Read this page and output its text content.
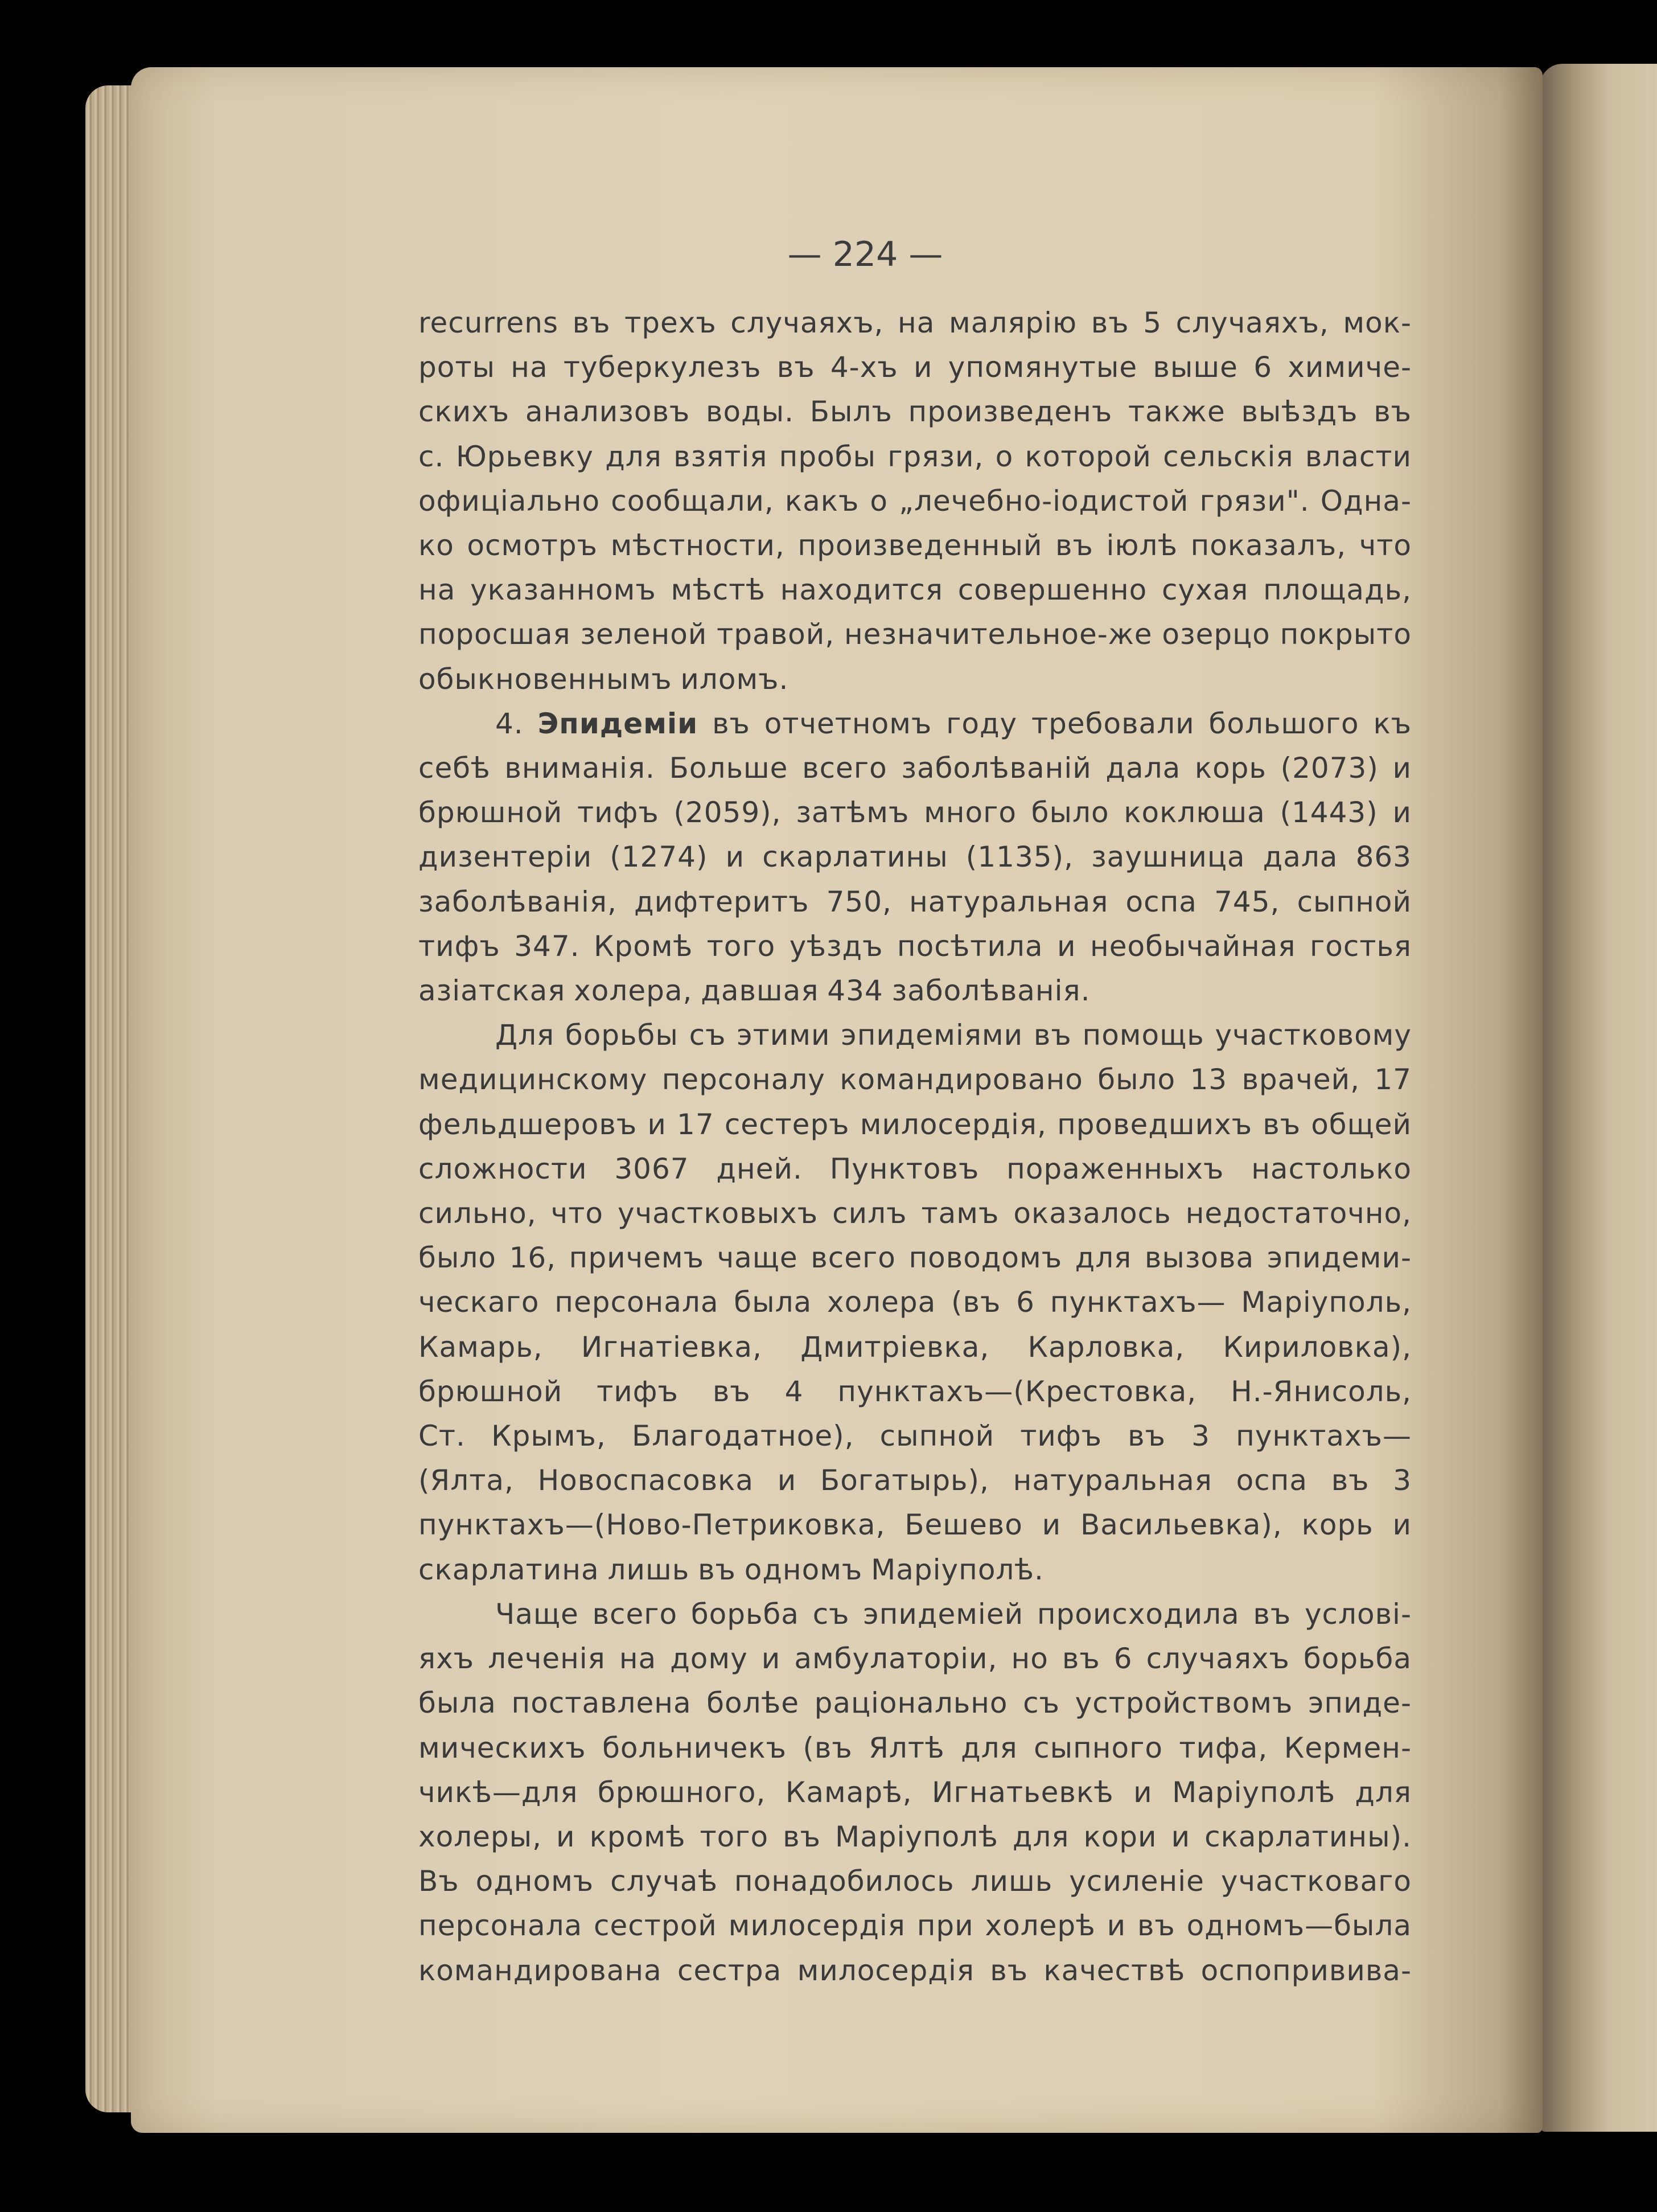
— 224 —
recurrens въ трехъ случаяхъ, на малярію въ 5 случаяхъ, мок-
роты на туберкулезъ въ 4-хъ и упомянутые выше 6 химиче-
скихъ анализовъ воды. Былъ произведенъ также выѣздъ въ
с. Юрьевку для взятія пробы грязи, о которой сельскія власти
офиціально сообщали, какъ о „лечебно-іодистой грязи". Одна-
ко осмотръ мѣстности, произведенный въ іюлѣ показалъ, что
на указанномъ мѣстѣ находится совершенно сухая площадь,
поросшая зеленой травой, незначительное-же озерцо покрыто
обыкновеннымъ иломъ.
4. Эпидеміи въ отчетномъ году требовали большого къ
себѣ вниманія. Больше всего заболѣваній дала корь (2073) и
брюшной тифъ (2059), затѣмъ много было коклюша (1443) и
дизентеріи (1274) и скарлатины (1135), заушница дала 863
заболѣванія, дифтеритъ 750, натуральная оспа 745, сыпной
тифъ 347. Кромѣ того уѣздъ посѣтила и необычайная гостья
азіатская холера, давшая 434 заболѣванія.
Для борьбы съ этими эпидеміями въ помощь участковому
медицинскому персоналу командировано было 13 врачей, 17
фельдшеровъ и 17 сестеръ милосердія, проведшихъ въ общей
сложности 3067 дней. Пунктовъ пораженныхъ настолько
сильно, что участковыхъ силъ тамъ оказалось недостаточно,
было 16, причемъ чаще всего поводомъ для вызова эпидеми-
ческаго персонала была холера (въ 6 пунктахъ— Маріуполь,
Камарь, Игнатіевка, Дмитріевка, Карловка, Кириловка),
брюшной тифъ въ 4 пунктахъ—(Крестовка, Н.-Янисоль,
Ст. Крымъ, Благодатное), сыпной тифъ въ 3 пунктахъ—
(Ялта, Новоспасовка и Богатырь), натуральная оспа въ 3
пунктахъ—(Ново-Петриковка, Бешево и Васильевка), корь и
скарлатина лишь въ одномъ Маріуполѣ.
Чаще всего борьба съ эпидеміей происходила въ услові-
яхъ леченія на дому и амбулаторіи, но въ 6 случаяхъ борьба
была поставлена болѣе раціонально съ устройствомъ эпиде-
мическихъ больничекъ (въ Ялтѣ для сыпного тифа, Кермен-
чикѣ—для брюшного, Камарѣ, Игнатьевкѣ и Маріуполѣ для
холеры, и кромѣ того въ Маріуполѣ для кори и скарлатины).
Въ одномъ случаѣ понадобилось лишь усиленіе участковаго
персонала сестрой милосердія при холерѣ и въ одномъ—была
командирована сестра милосердія въ качествѣ оспопривива-
